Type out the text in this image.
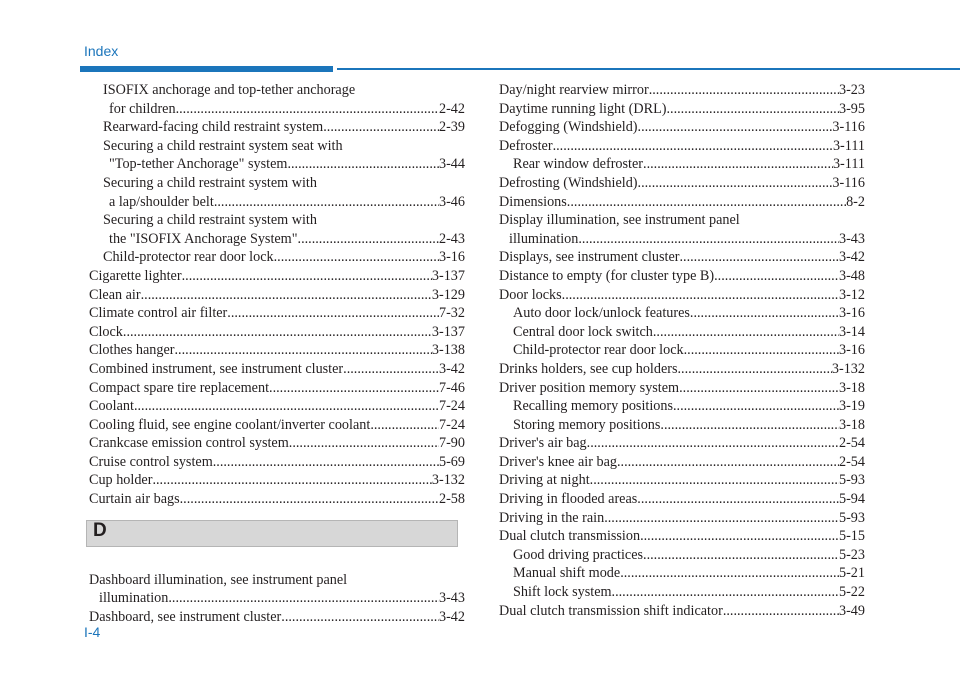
Index
ISOFIX anchorage and top-tether anchorage
for children .....	2-42
Rearward-facing child restraint system .....	2-39
Securing a child restraint system seat with
"Top-tether Anchorage" system .....	3-44
Securing a child restraint system with
a lap/shoulder belt .....	3-46
Securing a child restraint system with
the "ISOFIX Anchorage System" .....	2-43
Child-protector rear door lock .....	3-16
Cigarette lighter .....	3-137
Clean air .....	3-129
Climate control air filter .....	7-32
Clock .....	3-137
Clothes hanger .....	3-138
Combined instrument, see instrument cluster .....	3-42
Compact spare tire replacement .....	7-46
Coolant .....	7-24
Cooling fluid, see engine coolant/inverter coolant .....	7-24
Crankcase emission control system .....	7-90
Cruise control system .....	5-69
Cup holder .....	3-132
Curtain air bags .....	2-58
D
Dashboard illumination, see instrument panel
illumination .....	3-43
Dashboard, see instrument cluster .....	3-42
Day/night rearview mirror .....	3-23
Daytime running light (DRL) .....	3-95
Defogging (Windshield) .....	3-116
Defroster .....	3-111
Rear window defroster .....	3-111
Defrosting (Windshield) .....	3-116
Dimensions .....	8-2
Display illumination, see instrument panel
illumination .....	3-43
Displays, see instrument cluster .....	3-42
Distance to empty (for cluster type B) .....	3-48
Door locks .....	3-12
Auto door lock/unlock features .....	3-16
Central door lock switch .....	3-14
Child-protector rear door lock .....	3-16
Drinks holders, see cup holders .....	3-132
Driver position memory system .....	3-18
Recalling memory positions .....	3-19
Storing memory positions .....	3-18
Driver's air bag .....	2-54
Driver's knee air bag .....	2-54
Driving at night .....	5-93
Driving in flooded areas .....	5-94
Driving in the rain .....	5-93
Dual clutch transmission .....	5-15
Good driving practices .....	5-23
Manual shift mode .....	5-21
Shift lock system .....	5-22
Dual clutch transmission shift indicator .....	3-49
I-4
